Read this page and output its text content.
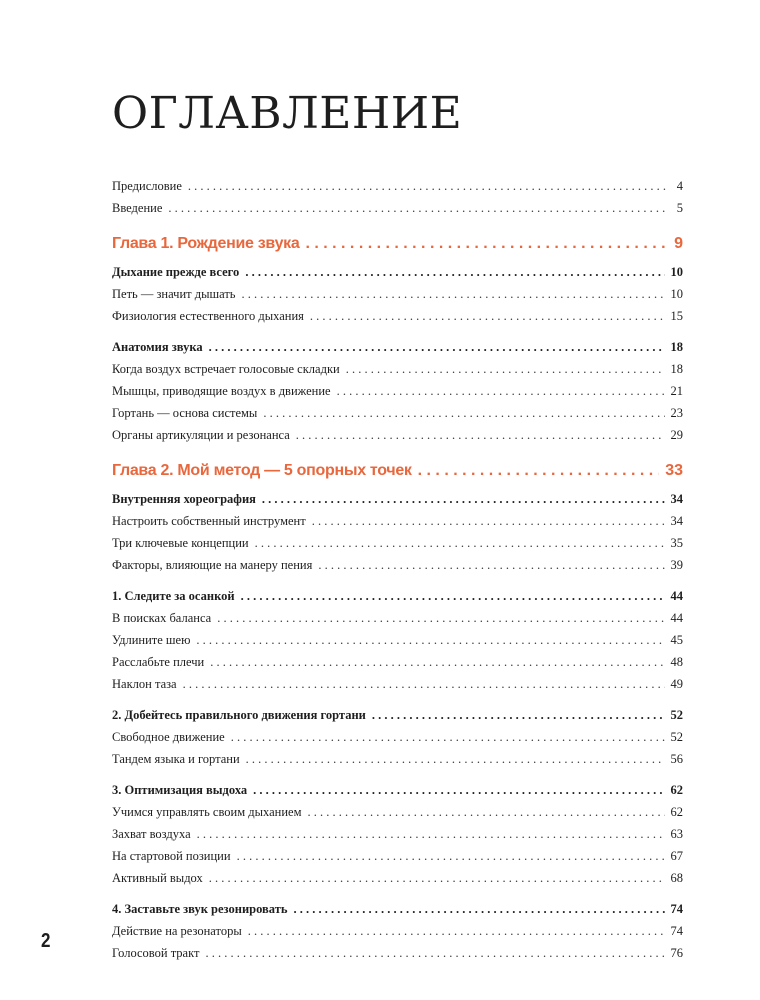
ОГЛАВЛЕНИЕ
Предисловие . . .	4
Введение . . .	5
Глава 1. Рождение звука . . .	9
Дыхание прежде всего . . .	10
Петь — значит дышать . . .	10
Физиология естественного дыхания . . .	15
Анатомия звука . . .	18
Когда воздух встречает голосовые складки . . .	18
Мышцы, приводящие воздух в движение . . .	21
Гортань — основа системы . . .	23
Органы артикуляции и резонанса . . .	29
Глава 2. Мой метод — 5 опорных точек . . .	33
Внутренняя хореография . . .	34
Настроить собственный инструмент . . .	34
Три ключевые концепции . . .	35
Факторы, влияющие на манеру пения . . .	39
1. Следите за осанкой . . .	44
В поисках баланса . . .	44
Удлините шею . . .	45
Расслабьте плечи . . .	48
Наклон таза . . .	49
2. Добейтесь правильного движения гортани . . .	52
Свободное движение . . .	52
Тандем языка и гортани . . .	56
3. Оптимизация выдоха . . .	62
Учимся управлять своим дыханием . . .	62
Захват воздуха . . .	63
На стартовой позиции . . .	67
Активный выдох . . .	68
4. Заставьте звук резонировать . . .	74
Действие на резонаторы . . .	74
Голосовой тракт . . .	76
2
